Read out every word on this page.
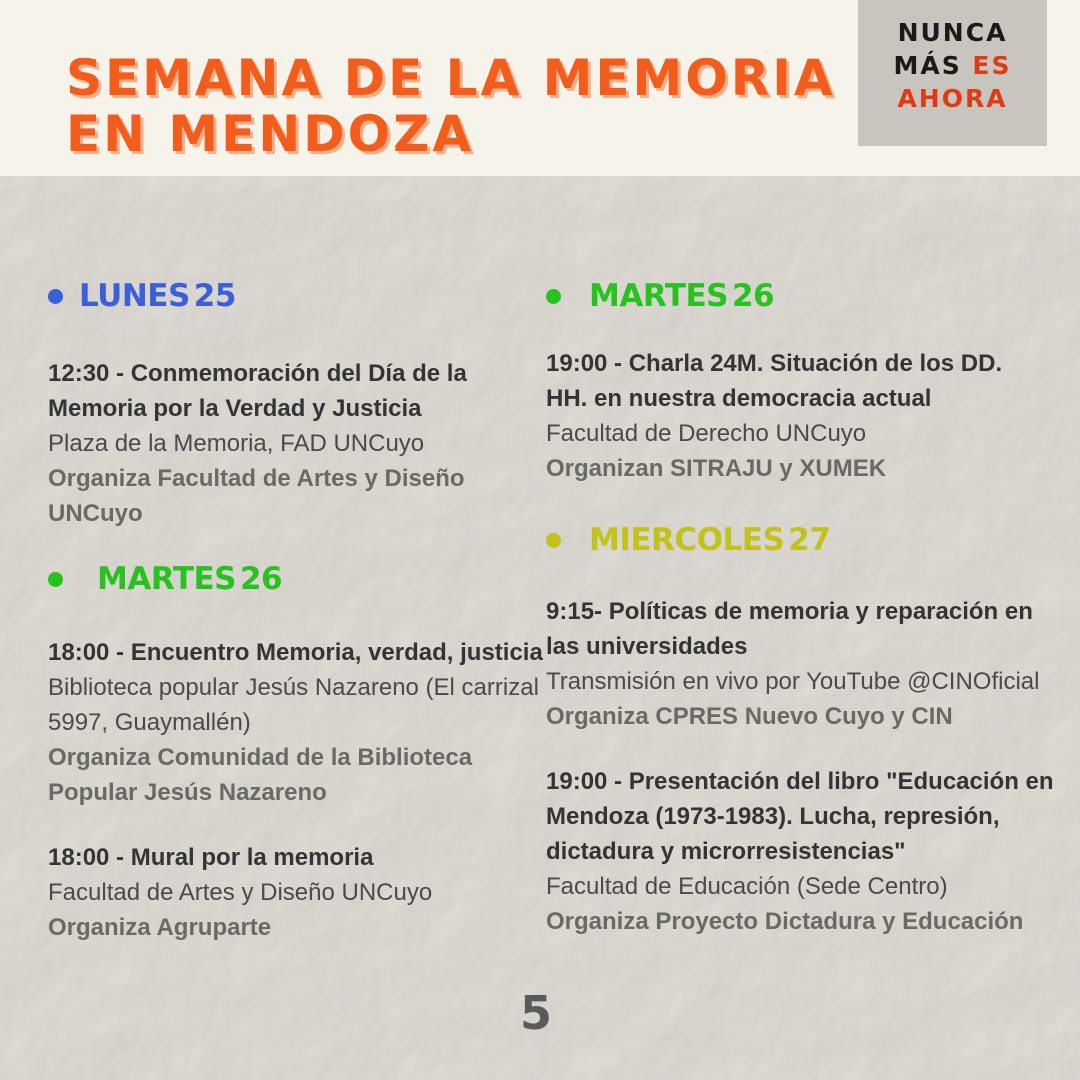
SEMANA DE LA MEMORIA
EN MENDOZA
NUNCA
MÁS ES
AHORA
LUNES 25

12:30 - Conmemoración del Día de la Memoria por la Verdad y Justicia

Plaza de la Memoria, FAD UNCuyo

Organiza Facultad de Artes y Diseño UNCuyo

MARTES 26

18:00 - Encuentro Memoria, verdad, justicia

Biblioteca popular Jesús Nazareno (El carrizal 5997, Guaymallén)

Organiza Comunidad de la Biblioteca Popular Jesús Nazareno

18:00 - Mural por la memoria

Facultad de Artes y Diseño UNCuyo

Organiza Agruparte

MARTES 26

19:00 - Charla 24M. Situación de los DD. HH. en nuestra democracia actual

Facultad de Derecho UNCuyo

Organizan SITRAJU y XUMEK

MIERCOLES 27

9:15- Políticas de memoria y reparación en las universidades

Transmisión en vivo por YouTube @CINOficial

Organiza CPRES Nuevo Cuyo y CIN

19:00 - Presentación del libro "Educación en Mendoza (1973-1983). Lucha, represión, dictadura y microrresistencias"

Facultad de Educación (Sede Centro)

Organiza Proyecto Dictadura y Educación

5
